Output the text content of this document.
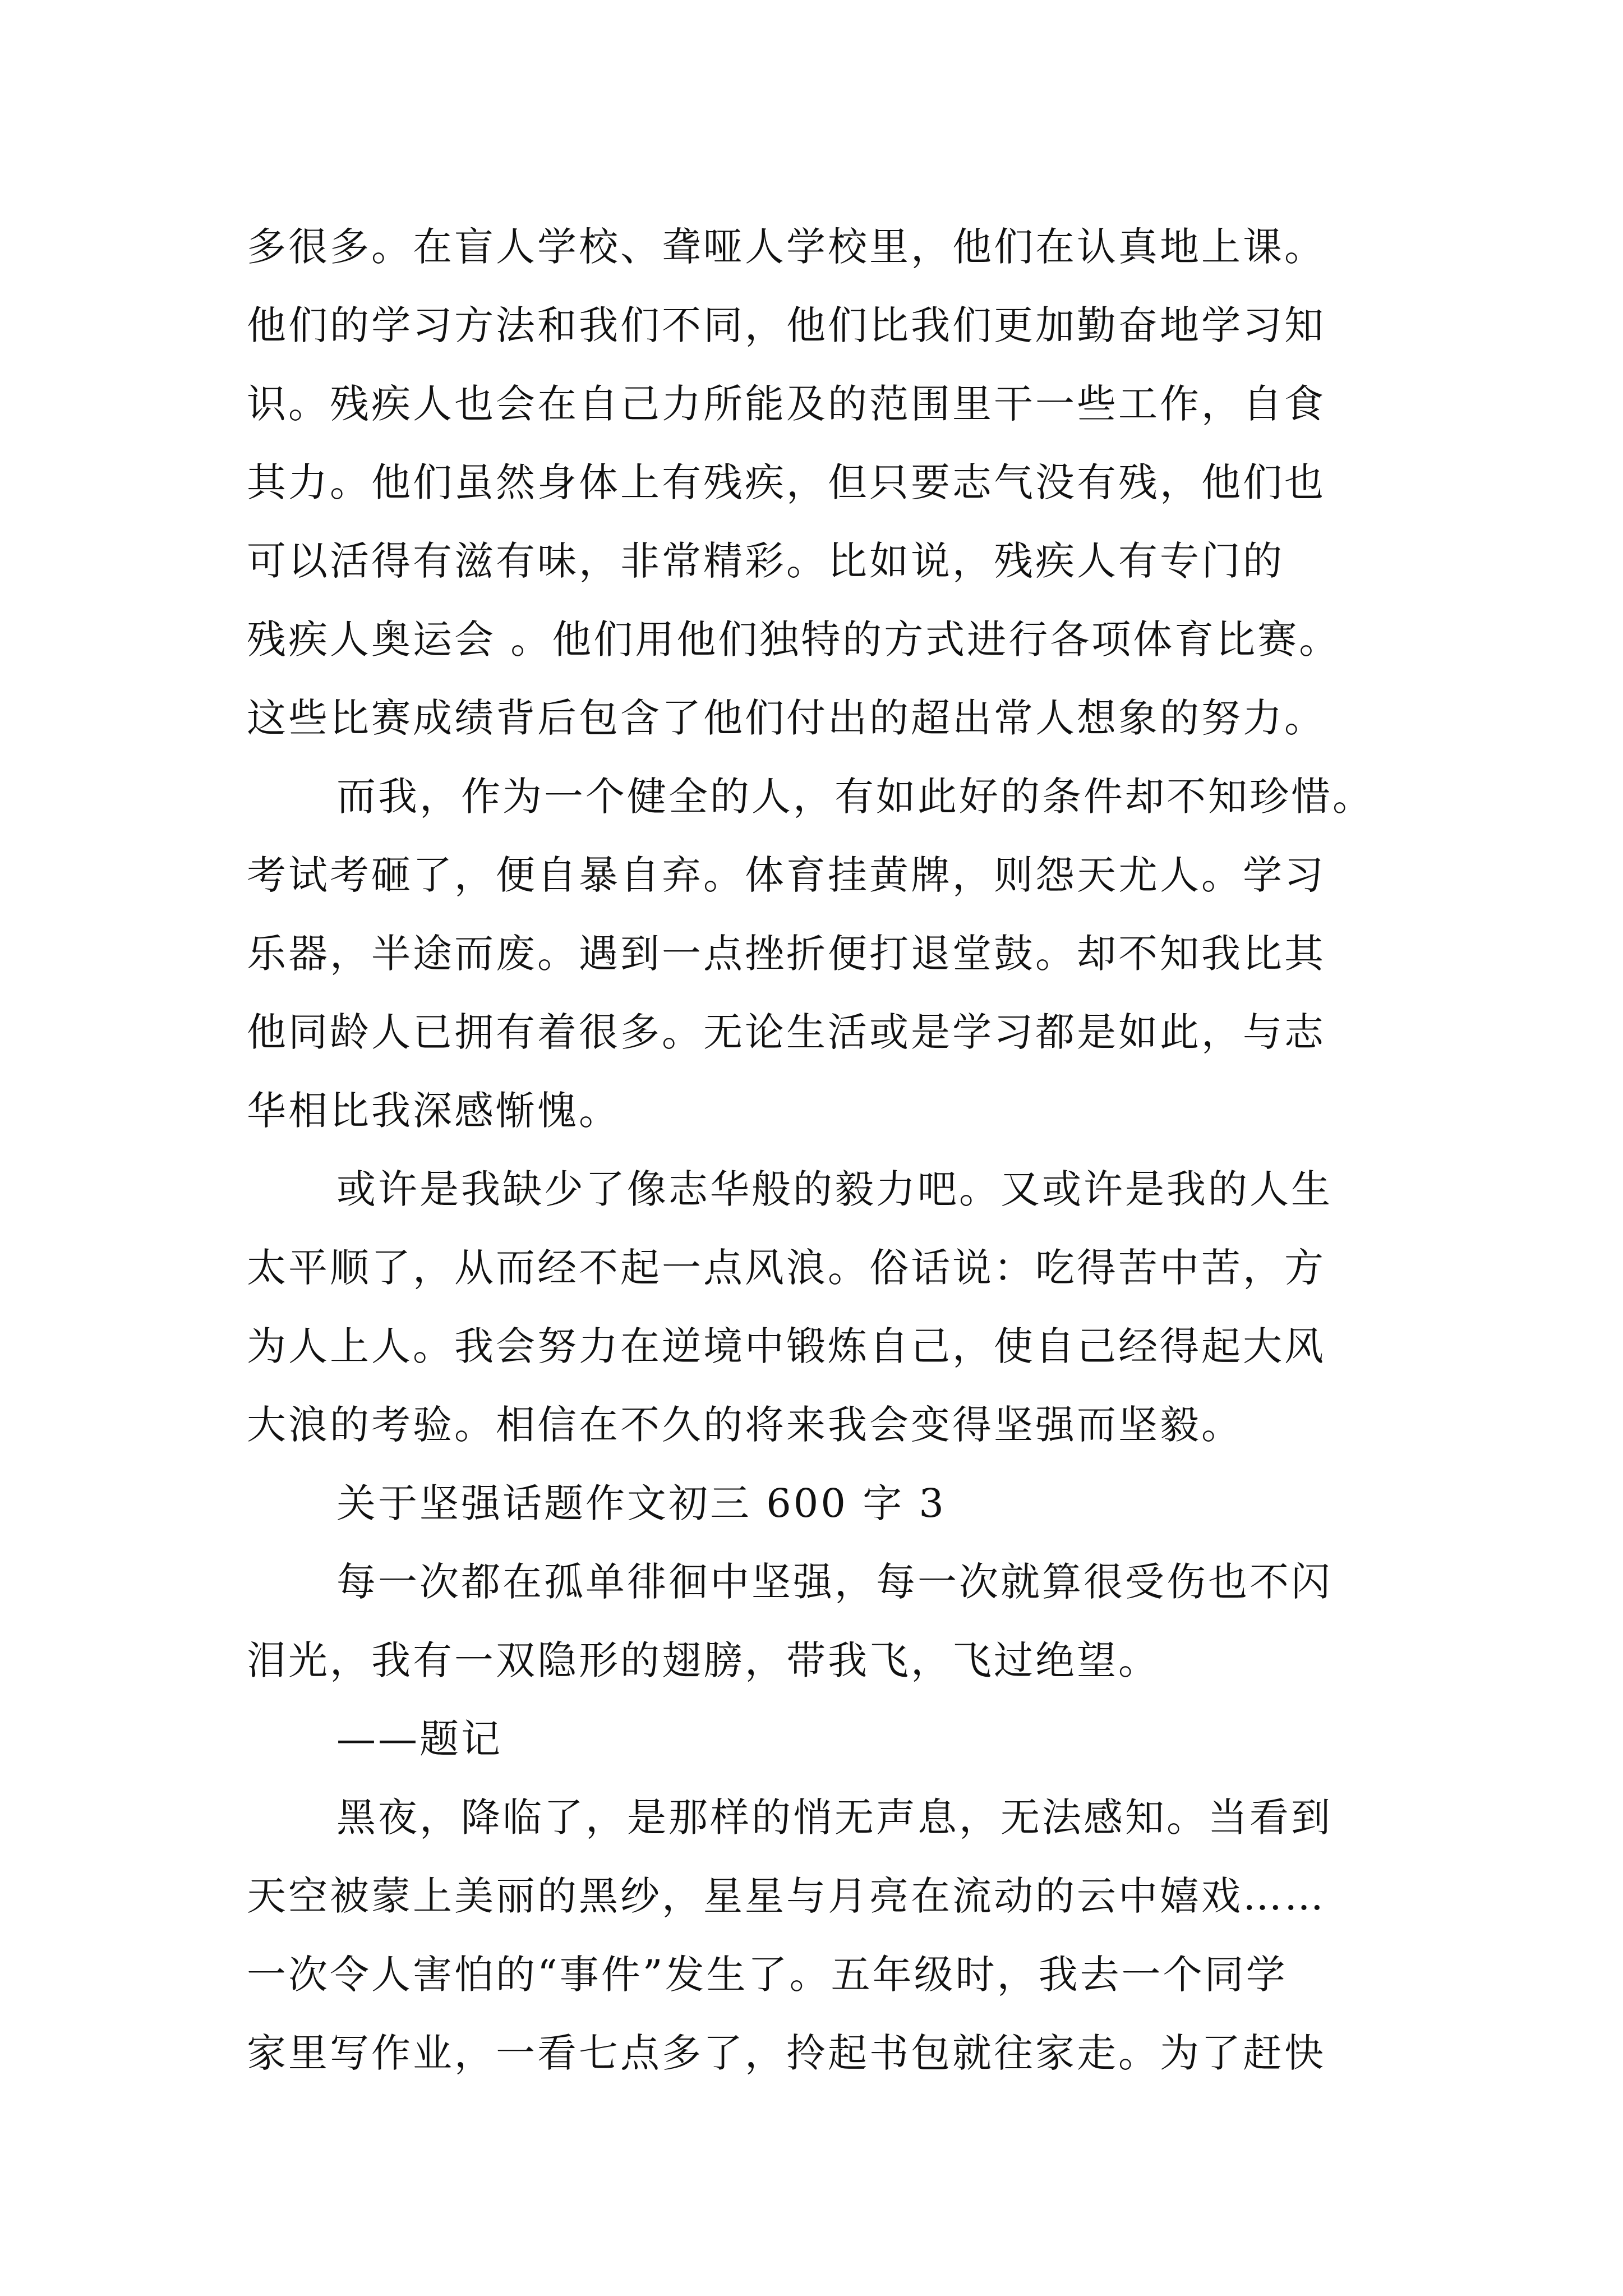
多很多。在盲人学校、聋哑人学校里，他们在认真地上课。
他们的学习方法和我们不同，他们比我们更加勤奋地学习知
识。残疾人也会在自己力所能及的范围里干一些工作，自食
其力。他们虽然身体上有残疾，但只要志气没有残，他们也
可以活得有滋有味，非常精彩。比如说，残疾人有专门的
残疾人奥运会 。他们用他们独特的方式进行各项体育比赛。
这些比赛成绩背后包含了他们付出的超出常人想象的努力。
而我，作为一个健全的人，有如此好的条件却不知珍惜。
考试考砸了，便自暴自弃。体育挂黄牌，则怨天尤人。学习
乐器，半途而废。遇到一点挫折便打退堂鼓。却不知我比其
他同龄人已拥有着很多。无论生活或是学习都是如此，与志
华相比我深感惭愧。
或许是我缺少了像志华般的毅力吧。又或许是我的人生
太平顺了，从而经不起一点风浪。俗话说：吃得苦中苦，方
为人上人。我会努力在逆境中锻炼自己，使自己经得起大风
大浪的考验。相信在不久的将来我会变得坚强而坚毅。
关于坚强话题作文初三 600 字 3
每一次都在孤单徘徊中坚强，每一次就算很受伤也不闪
泪光，我有一双隐形的翅膀，带我飞，飞过绝望。
——题记
黑夜，降临了，是那样的悄无声息，无法感知。当看到
天空被蒙上美丽的黑纱，星星与月亮在流动的云中嬉戏……
一次令人害怕的“事件”发生了。五年级时，我去一个同学
家里写作业，一看七点多了，拎起书包就往家走。为了赶快
